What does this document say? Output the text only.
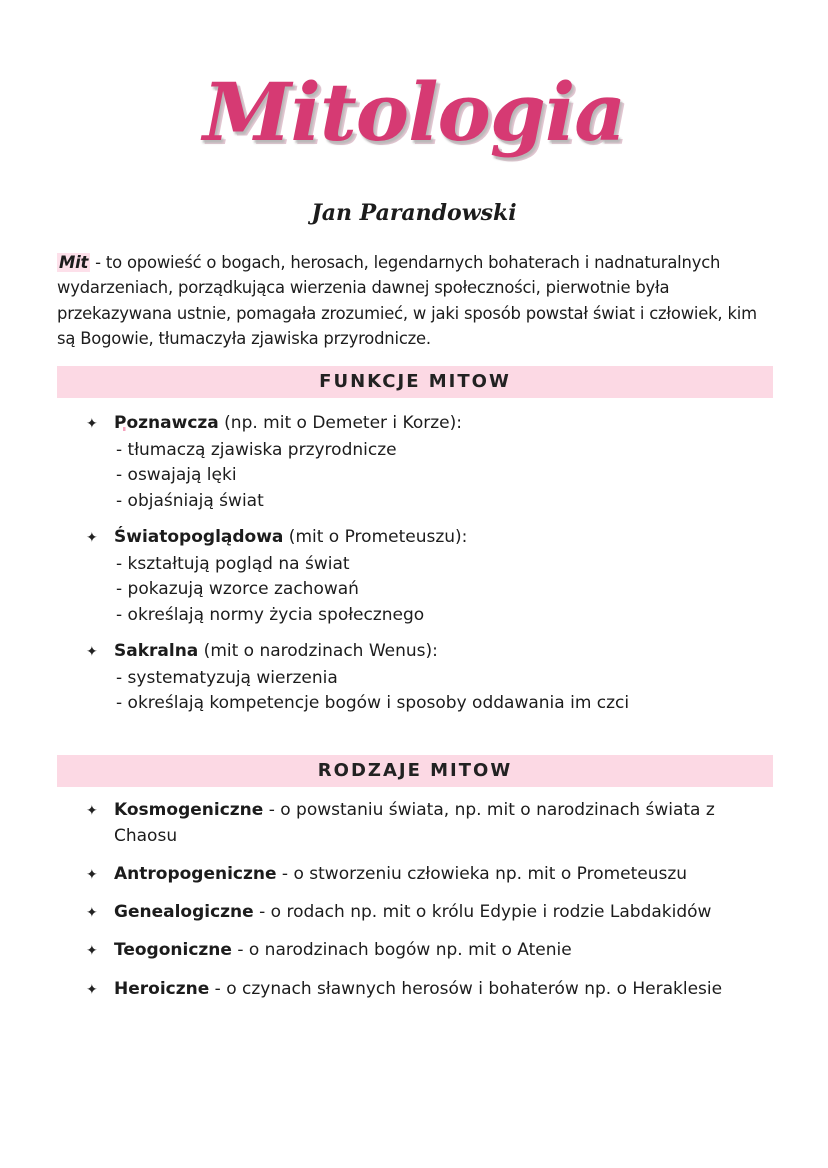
Mitologia
Jan Parandowski
Mit - to opowieść o bogach, herosach, legendarnych bohaterach i nadnaturalnych wydarzeniach, porządkująca wierzenia dawnej społeczności, pierwotnie była przekazywana ustnie, pomagała zrozumieć, w jaki sposób powstał świat i człowiek, kim są Bogowie, tłumaczyła zjawiska przyrodnicze.
FUNKCJE MITOW
✦ Poznawcza (np. mit o Demeter i Korze):
- tłumaczą zjawiska przyrodnicze
- oswajają lęki
- objaśniają świat
✦ Światopoglądowa (mit o Prometeuszu):
- kształtują pogląd na świat
- pokazują wzorce zachowań
- określają normy życia społecznego
✦ Sakralna (mit o narodzinach Wenus):
- systematyzują wierzenia
- określają kompetencje bogów i sposoby oddawania im czci
RODZAJE MITOW
✦ Kosmogeniczne - o powstaniu świata, np. mit o narodzinach świata z Chaosu
✦ Antropogeniczne - o stworzeniu człowieka np. mit o Prometeuszu
✦ Genealogiczne - o rodach np. mit o królu Edypie i rodzie Labdakidów
✦ Teogoniczne - o narodzinach bogów np. mit o Atenie
✦ Heroiczne - o czynach sławnych herosów i bohaterów np. o Heraklesie
